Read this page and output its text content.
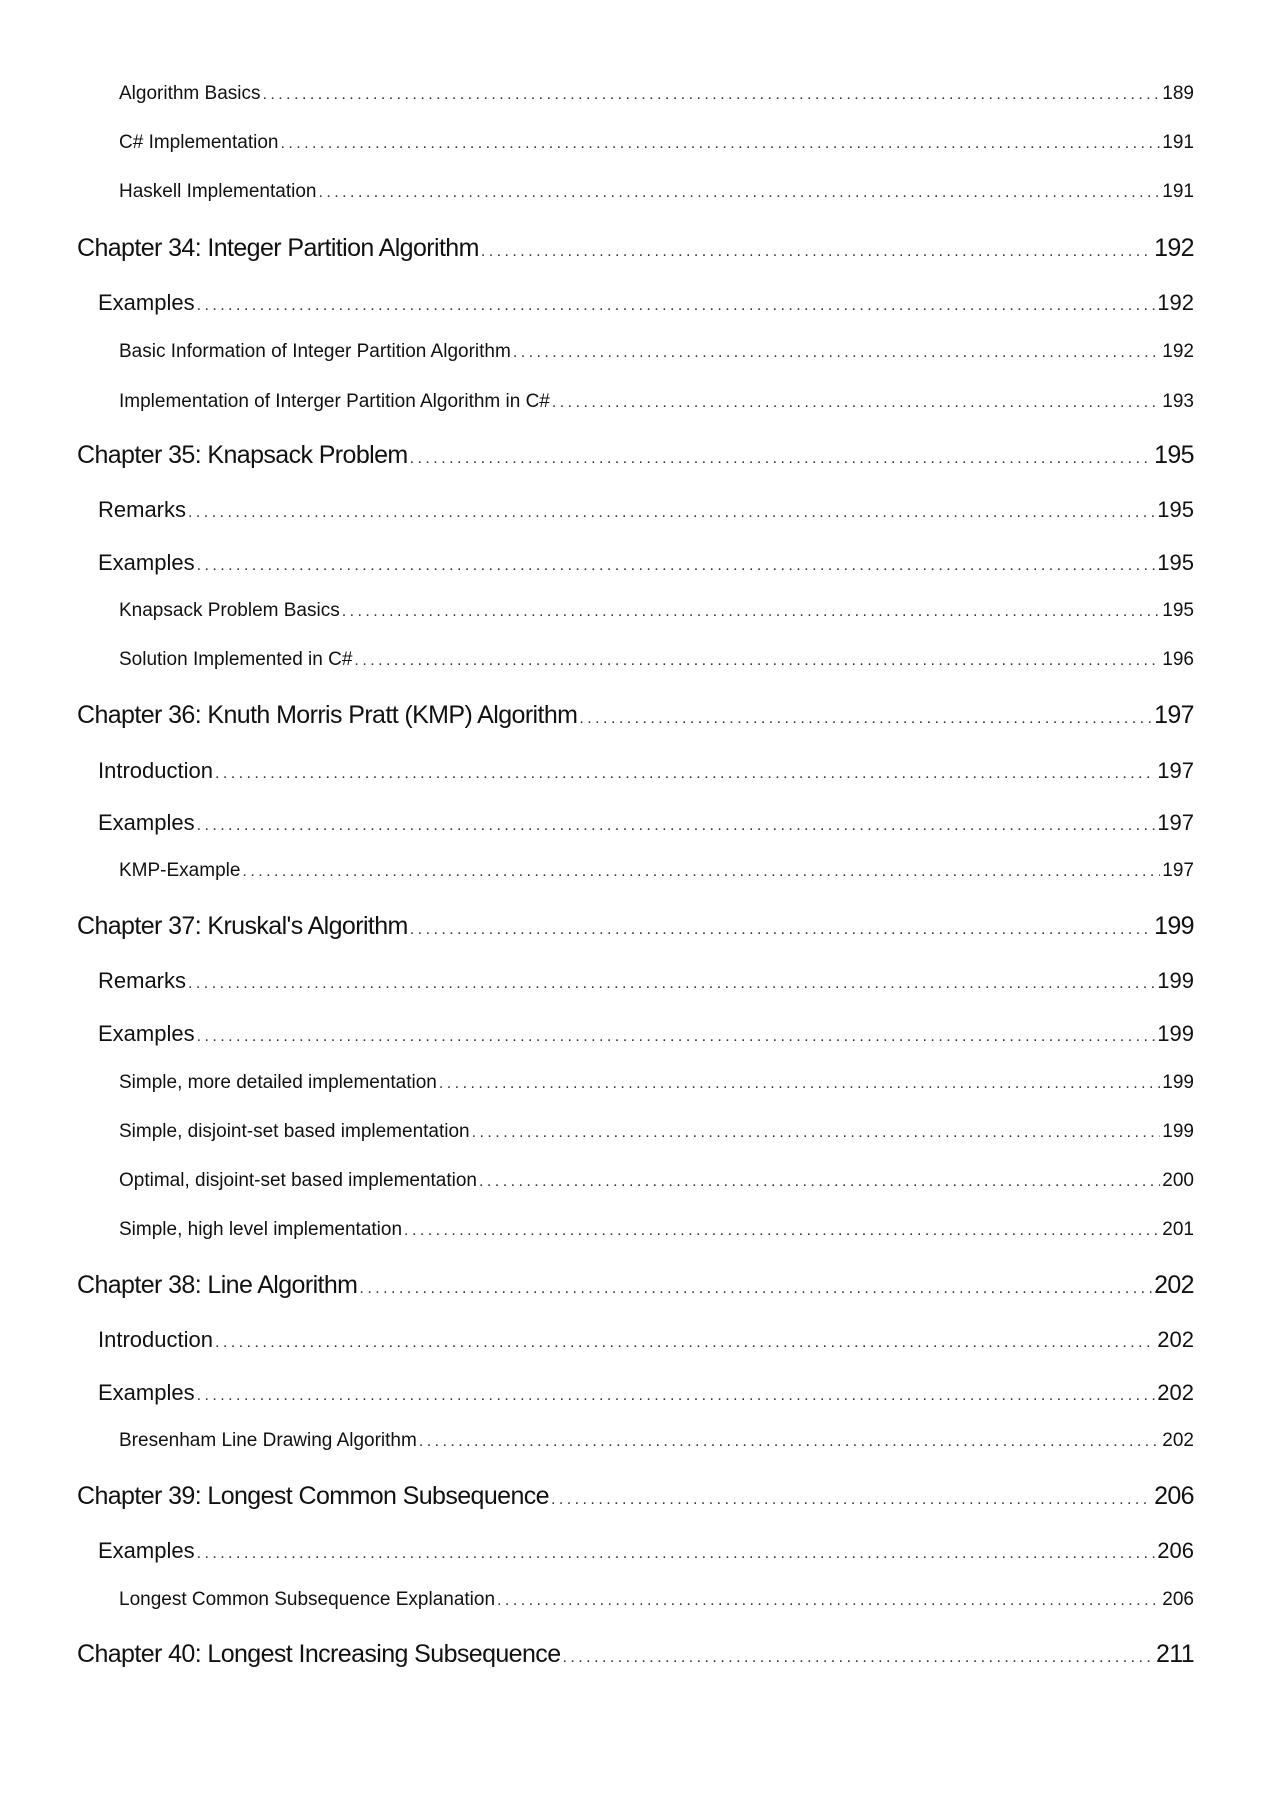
Algorithm Basics . . .	189
C# Implementation . . .	191
Haskell Implementation . . .	191
Chapter 34: Integer Partition Algorithm . . .	192
Examples . . .	192
Basic Information of Integer Partition Algorithm . . .	192
Implementation of Interger Partition Algorithm in C# . . .	193
Chapter 35: Knapsack Problem . . .	195
Remarks . . .	195
Examples . . .	195
Knapsack Problem Basics . . .	195
Solution Implemented in C# . . .	196
Chapter 36: Knuth Morris Pratt (KMP) Algorithm . . .	197
Introduction . . .	197
Examples . . .	197
KMP-Example . . .	197
Chapter 37: Kruskal's Algorithm . . .	199
Remarks . . .	199
Examples . . .	199
Simple, more detailed implementation . . .	199
Simple, disjoint-set based implementation . . .	199
Optimal, disjoint-set based implementation . . .	200
Simple, high level implementation . . .	201
Chapter 38: Line Algorithm . . .	202
Introduction . . .	202
Examples . . .	202
Bresenham Line Drawing Algorithm . . .	202
Chapter 39: Longest Common Subsequence . . .	206
Examples . . .	206
Longest Common Subsequence Explanation . . .	206
Chapter 40: Longest Increasing Subsequence . . .	211
